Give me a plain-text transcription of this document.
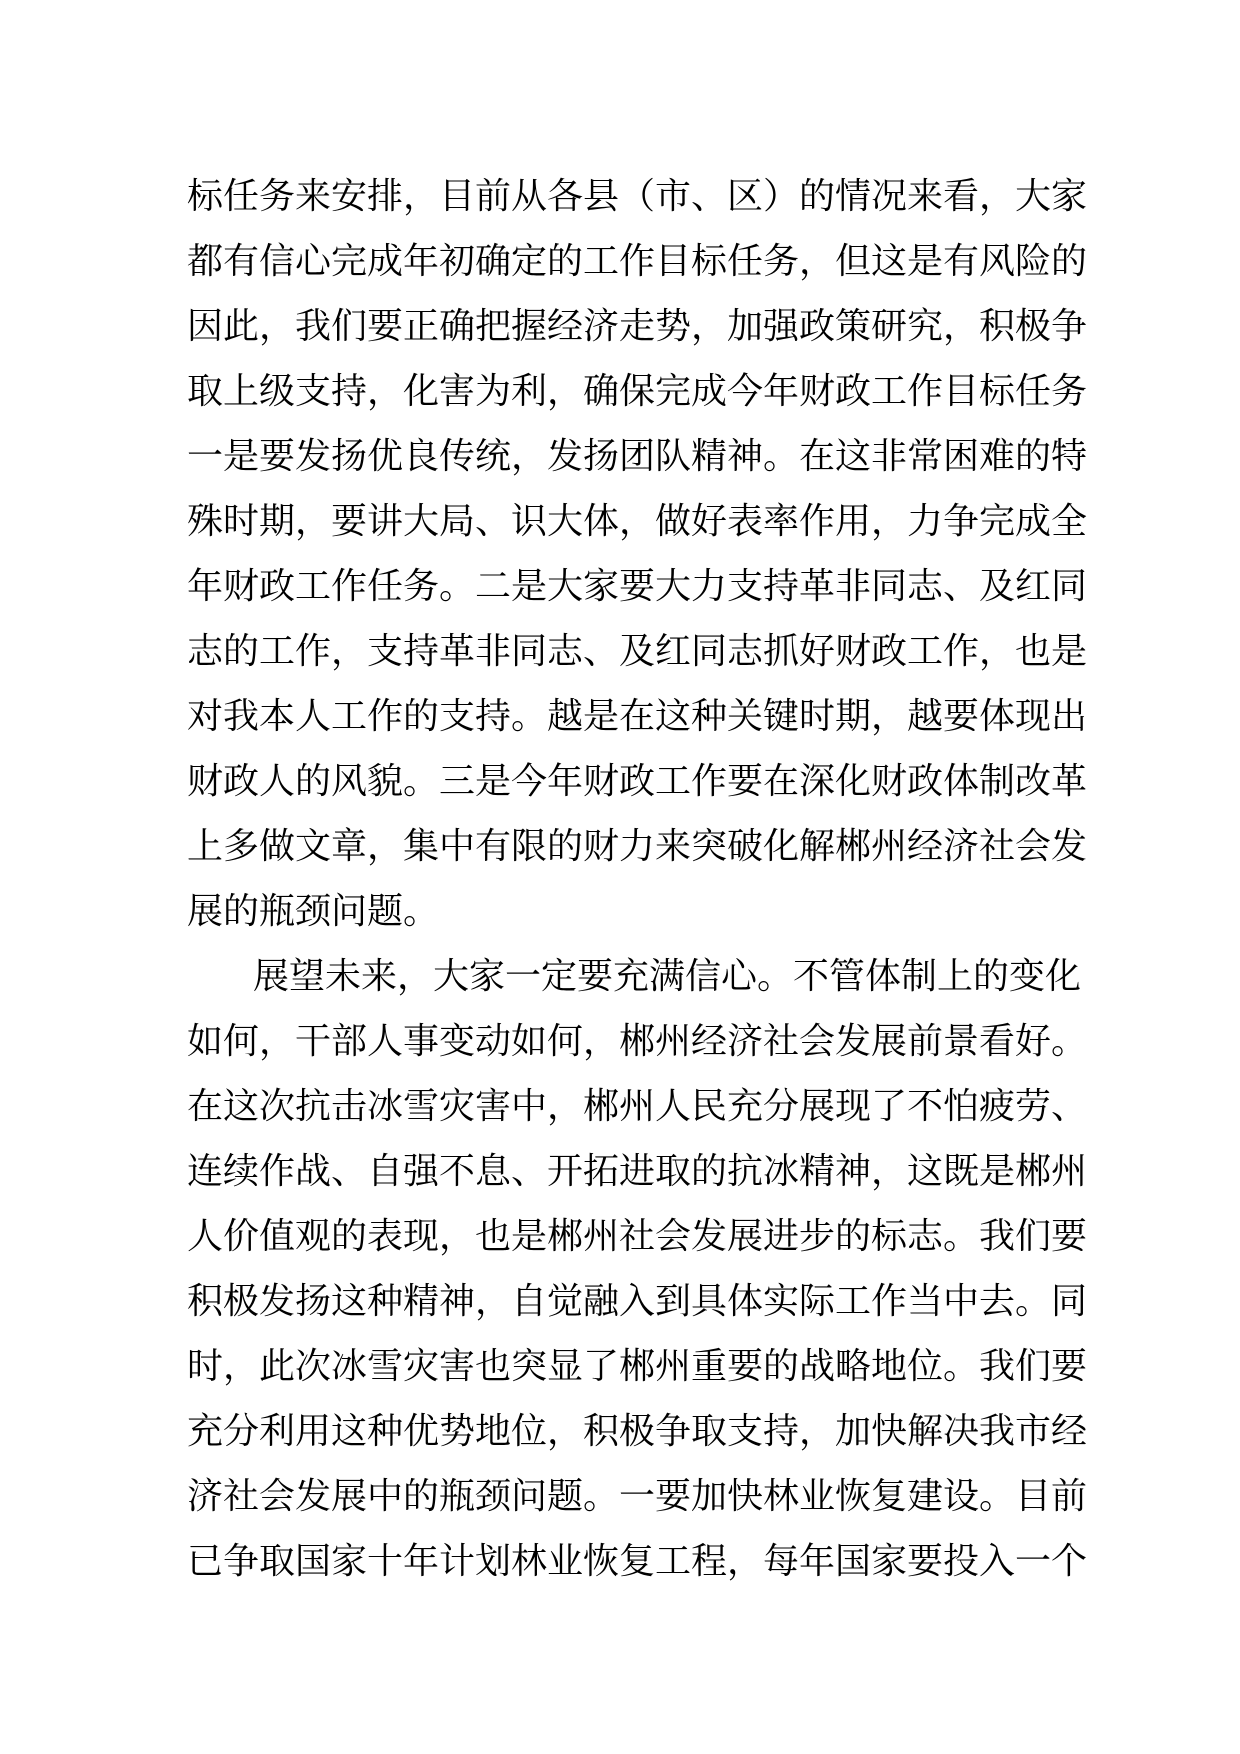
标任务来安排，目前从各县（市、区）的情况来看，大家
都有信心完成年初确定的工作目标任务，但这是有风险的
因此，我们要正确把握经济走势，加强政策研究，积极争
取上级支持，化害为利，确保完成今年财政工作目标任务
一是要发扬优良传统，发扬团队精神。在这非常困难的特
殊时期，要讲大局、识大体，做好表率作用，力争完成全
年财政工作任务。二是大家要大力支持革非同志、及红同
志的工作，支持革非同志、及红同志抓好财政工作，也是
对我本人工作的支持。越是在这种关键时期，越要体现出
财政人的风貌。三是今年财政工作要在深化财政体制改革
上多做文章，集中有限的财力来突破化解郴州经济社会发
展的瓶颈问题。
展望未来，大家一定要充满信心。不管体制上的变化
如何，干部人事变动如何，郴州经济社会发展前景看好。
在这次抗击冰雪灾害中，郴州人民充分展现了不怕疲劳、
连续作战、自强不息、开拓进取的抗冰精神，这既是郴州
人价值观的表现，也是郴州社会发展进步的标志。我们要
积极发扬这种精神，自觉融入到具体实际工作当中去。同
时，此次冰雪灾害也突显了郴州重要的战略地位。我们要
充分利用这种优势地位，积极争取支持，加快解决我市经
济社会发展中的瓶颈问题。一要加快林业恢复建设。目前
已争取国家十年计划林业恢复工程，每年国家要投入一个
